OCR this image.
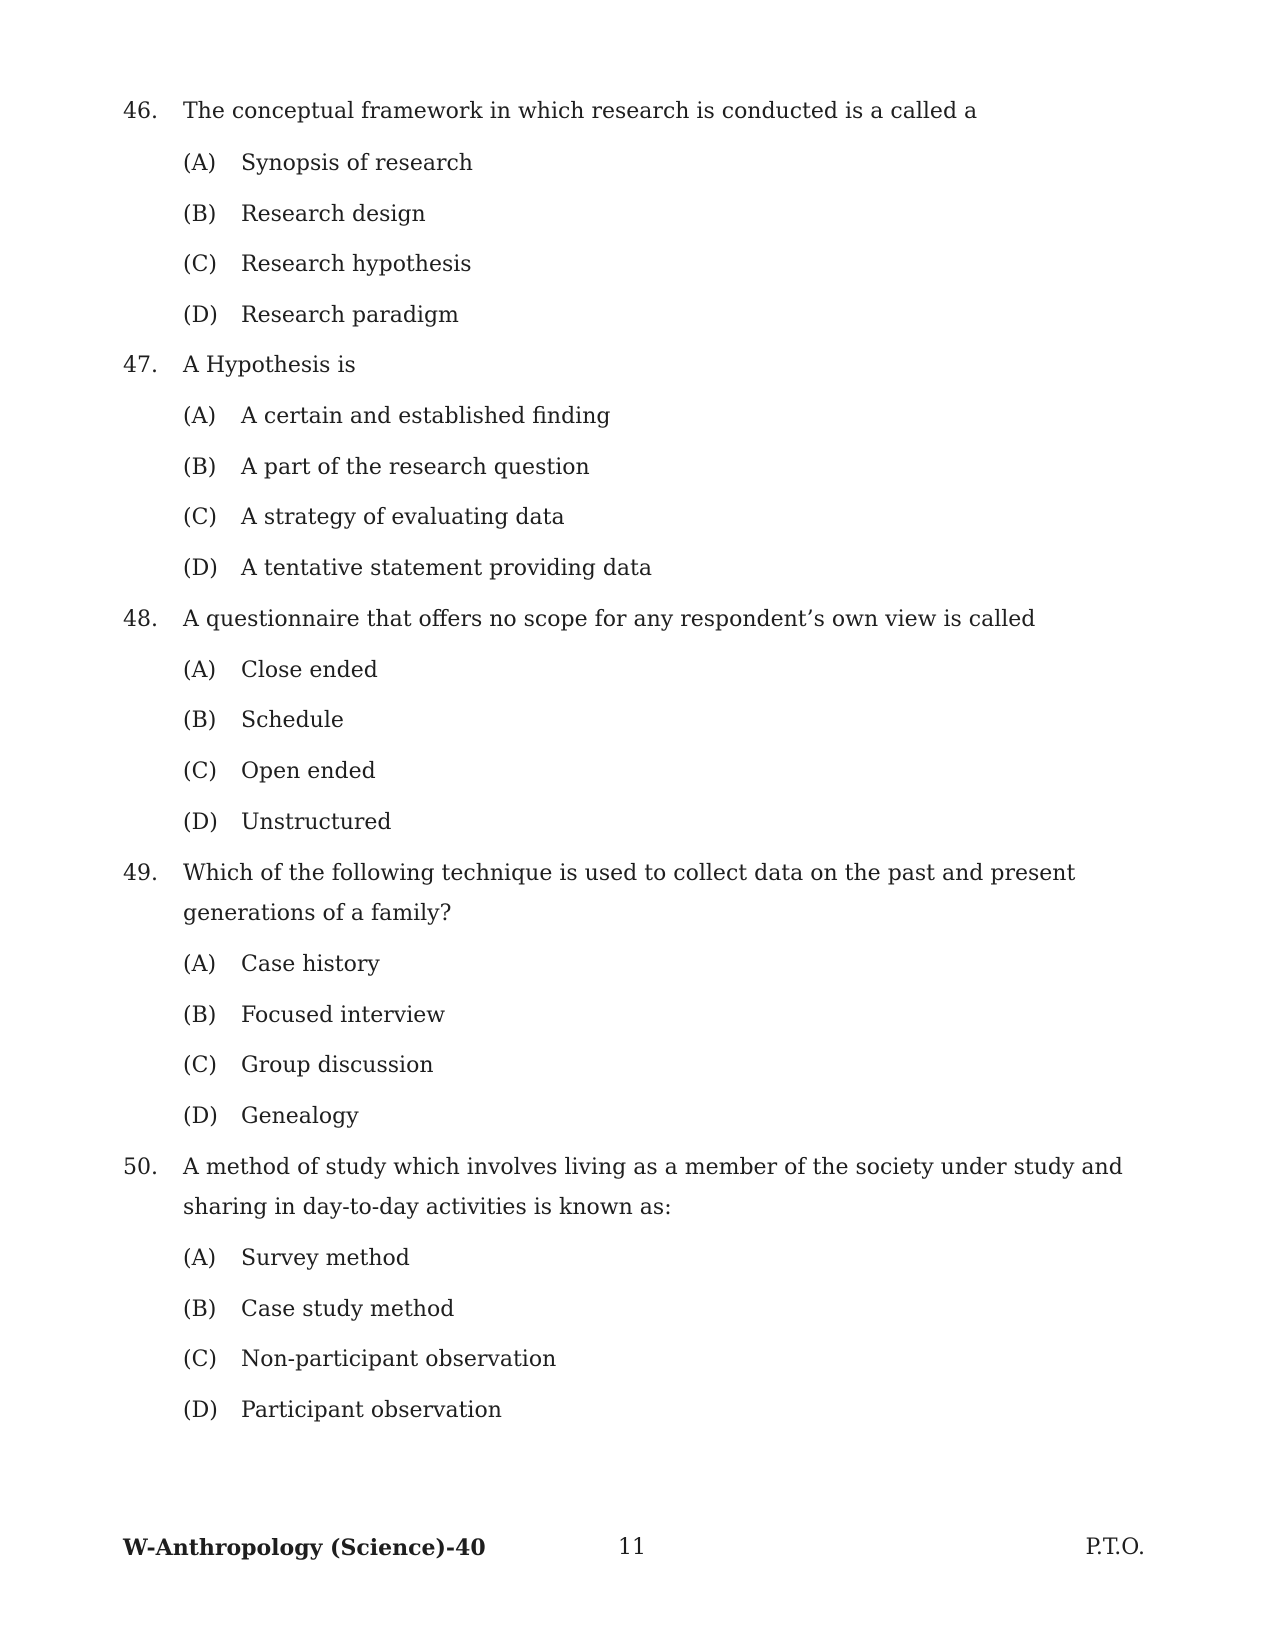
46. The conceptual framework in which research is conducted is a called a
(A) Synopsis of research
(B) Research design
(C) Research hypothesis
(D) Research paradigm
47. A Hypothesis is
(A) A certain and established finding
(B) A part of the research question
(C) A strategy of evaluating data
(D) A tentative statement providing data
48. A questionnaire that offers no scope for any respondent’s own view is called
(A) Close ended
(B) Schedule
(C) Open ended
(D) Unstructured
49. Which of the following technique is used to collect data on the past and present generations of a family?
(A) Case history
(B) Focused interview
(C) Group discussion
(D) Genealogy
50. A method of study which involves living as a member of the society under study and sharing in day-to-day activities is known as:
(A) Survey method
(B) Case study method
(C) Non-participant observation
(D) Participant observation
W-Anthropology (Science)-40	11	P.T.O.
